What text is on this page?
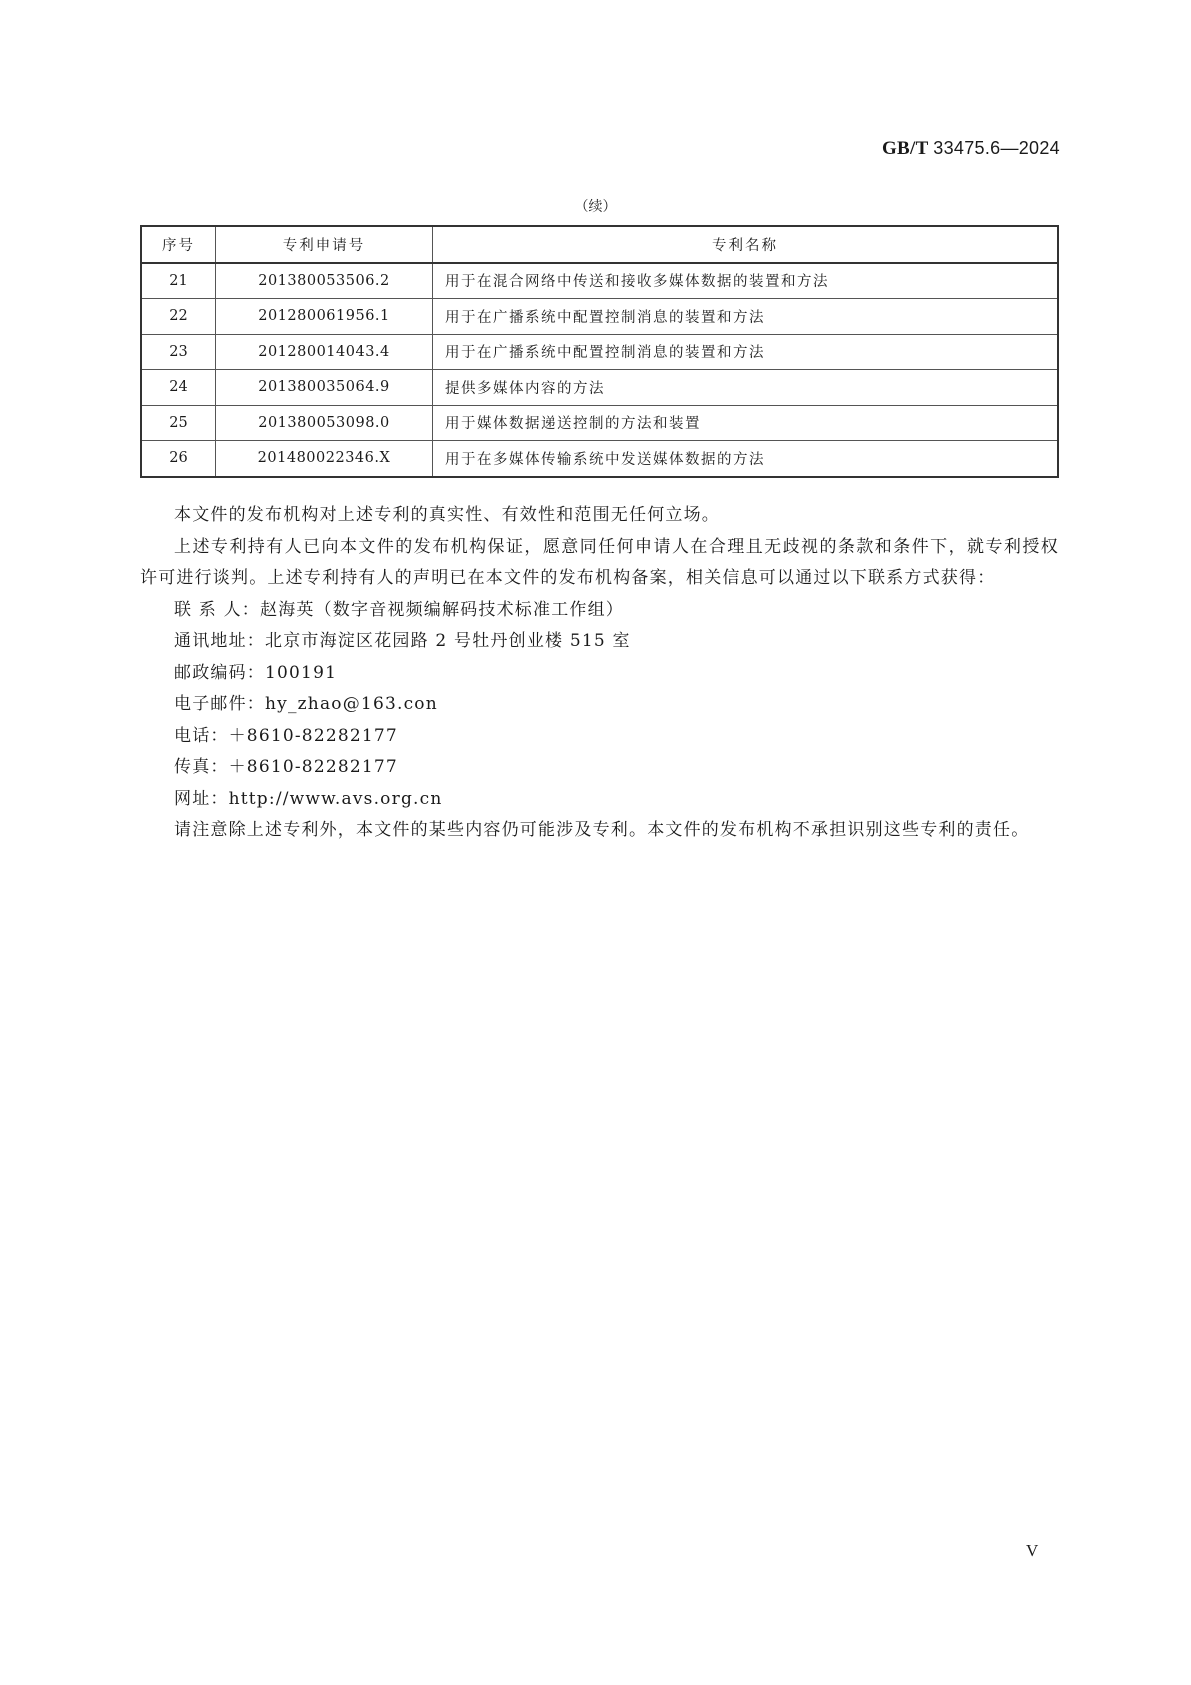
GB/T 33475.6—2024
（续）
序号	专利申请号	专利名称
21	201380053506.2	用于在混合网络中传送和接收多媒体数据的装置和方法
22	201280061956.1	用于在广播系统中配置控制消息的装置和方法
23	201280014043.4	用于在广播系统中配置控制消息的装置和方法
24	201380035064.9	提供多媒体内容的方法
25	201380053098.0	用于媒体数据递送控制的方法和装置
26	201480022346.X	用于在多媒体传输系统中发送媒体数据的方法

本文件的发布机构对上述专利的真实性、有效性和范围无任何立场。

上述专利持有人已向本文件的发布机构保证，愿意同任何申请人在合理且无歧视的条款和条件下，就专利授权许可进行谈判。上述专利持有人的声明已在本文件的发布机构备案，相关信息可以通过以下联系方式获得：

联 系 人：赵海英（数字音视频编解码技术标准工作组）

通讯地址：北京市海淀区花园路 2 号牡丹创业楼 515 室

邮政编码：100191

电子邮件：hy_zhao@163.con

电话：＋8610-82282177

传真：＋8610-82282177

网址：http://www.avs.org.cn

请注意除上述专利外，本文件的某些内容仍可能涉及专利。本文件的发布机构不承担识别这些专利的责任。

V
